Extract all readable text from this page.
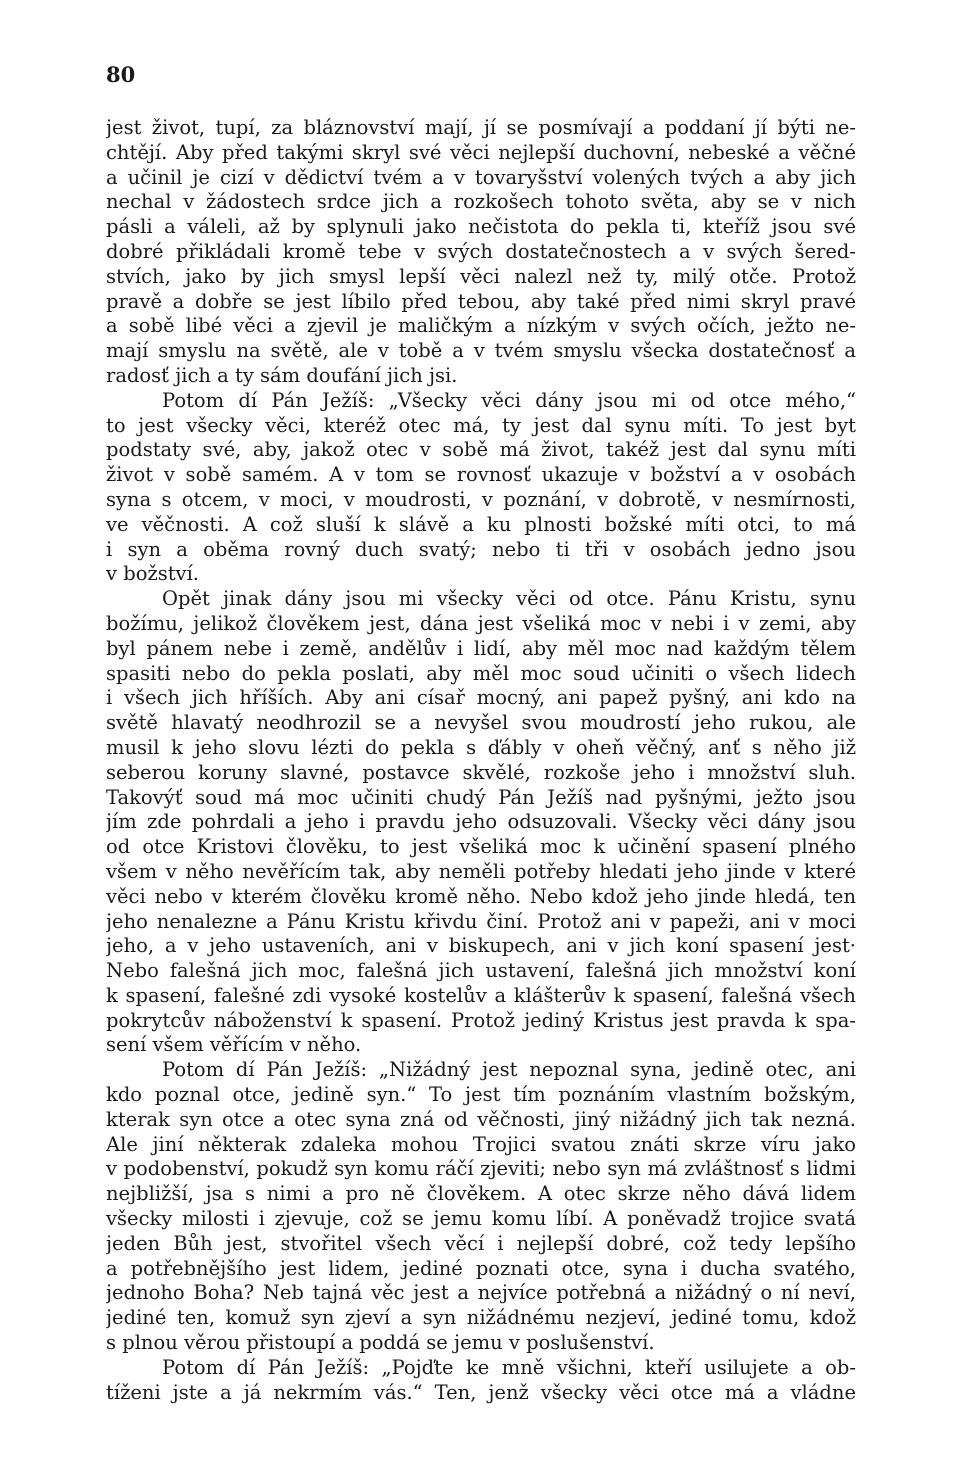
80
jest život, tupí, za bláznovství mají, jí se posmívají a poddaní jí býti ne-
chtějí. Aby před takými skryl své věci nejlepší duchovní, nebeské a věčné
a učinil je cizí v dědictví tvém a v tovaryšství volených tvých a aby jich
nechal v žádostech srdce jich a rozkošech tohoto světa, aby se v nich
pásli a váleli, až by splynuli jako nečistota do pekla ti, kteříž jsou své
dobré přikládali kromě tebe v svých dostatečnostech a v svých šered-
stvích, jako by jich smysl lepší věci nalezl než ty, milý otče. Protož
pravě a dobře se jest líbilo před tebou, aby také před nimi skryl pravé
a sobě libé věci a zjevil je maličkým a nízkým v svých očích, ježto ne-
mají smyslu na světě, ale v tobě a v tvém smyslu všecka dostatečnosť a
radosť jich a ty sám doufání jich jsi.
Potom dí Pán Ježíš: „Všecky věci dány jsou mi od otce mého,“
to jest všecky věci, kteréž otec má, ty jest dal synu míti. To jest byt
podstaty své, aby, jakož otec v sobě má život, takéž jest dal synu míti
život v sobě samém. A v tom se rovnosť ukazuje v božství a v osobách
syna s otcem, v moci, v moudrosti, v poznání, v dobrotě, v nesmírnosti,
ve věčnosti. A což sluší k slávě a ku plnosti božské míti otci, to má
i syn a oběma rovný duch svatý; nebo ti tři v osobách jedno jsou
v božství.
Opět jinak dány jsou mi všecky věci od otce. Pánu Kristu, synu
božímu, jelikož člověkem jest, dána jest všeliká moc v nebi i v zemi, aby
byl pánem nebe i země, andělův i lidí, aby měl moc nad každým tělem
spasiti nebo do pekla poslati, aby měl moc soud učiniti o všech lidech
i všech jich hříších. Aby ani císař mocný, ani papež pyšný, ani kdo na
světě hlavatý neodhrozil se a nevyšel svou moudrostí jeho rukou, ale
musil k jeho slovu lézti do pekla s ďábly v oheň věčný, anť s něho již
seberou koruny slavné, postavce skvělé, rozkoše jeho i množství sluh.
Takovýť soud má moc učiniti chudý Pán Ježíš nad pyšnými, ježto jsou
jím zde pohrdali a jeho i pravdu jeho odsuzovali. Všecky věci dány jsou
od otce Kristovi člověku, to jest všeliká moc k učinění spasení plného
všem v něho nevěřícím tak, aby neměli potřeby hledati jeho jinde v které
věci nebo v kterém člověku kromě něho. Nebo kdož jeho jinde hledá, ten
jeho nenalezne a Pánu Kristu křivdu činí. Protož ani v papeži, ani v moci
jeho, a v jeho ustaveních, ani v biskupech, ani v jich koní spasení jest·
Nebo falešná jich moc, falešná jich ustavení, falešná jich množství koní
k spasení, falešné zdi vysoké kostelův a klášterův k spasení, falešná všech
pokrytcův náboženství k spasení. Protož jediný Kristus jest pravda k spa-
sení všem věřícím v něho.
Potom dí Pán Ježíš: „Nižádný jest nepoznal syna, jedině otec, ani
kdo poznal otce, jedině syn.“ To jest tím poznáním vlastním božským,
kterak syn otce a otec syna zná od věčnosti, jiný nižádný jich tak nezná.
Ale jiní některak zdaleka mohou Trojici svatou znáti skrze víru jako
v podobenství, pokudž syn komu ráčí zjeviti; nebo syn má zvláštnosť s lidmi
nejbližší, jsa s nimi a pro ně člověkem. A otec skrze něho dává lidem
všecky milosti i zjevuje, což se jemu komu líbí. A poněvadž trojice svatá
jeden Bůh jest, stvořitel všech věcí i nejlepší dobré, což tedy lepšího
a potřebnějšího jest lidem, jediné poznati otce, syna i ducha svatého,
jednoho Boha? Neb tajná věc jest a nejvíce potřebná a nižádný o ní neví,
jediné ten, komuž syn zjeví a syn nižádnému nezjeví, jediné tomu, kdož
s plnou věrou přistoupí a poddá se jemu v poslušenství.
Potom dí Pán Ježíš: „Pojďte ke mně všichni, kteří usilujete a ob-
tíženi jste a já nekrmím vás.“ Ten, jenž všecky věci otce má a vládne
